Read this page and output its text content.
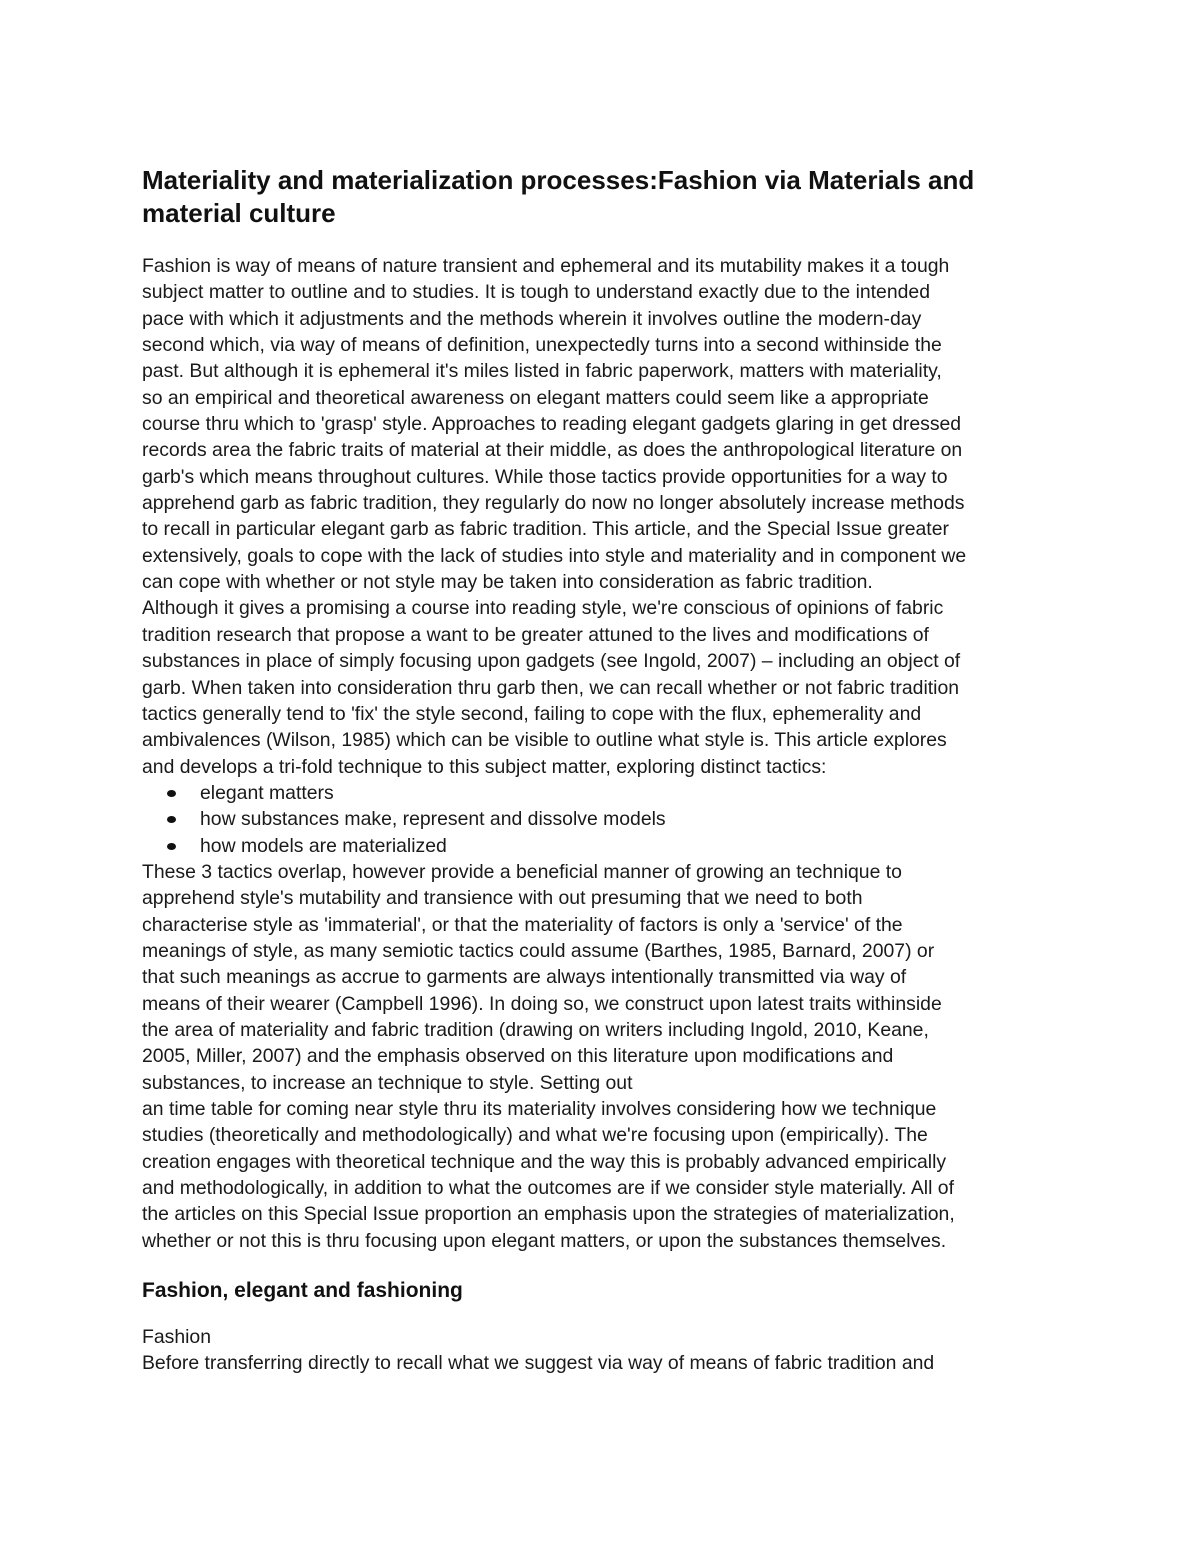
Materiality and materialization processes:Fashion via Materials and
material culture

Fashion is way of means of nature transient and ephemeral and its mutability makes it a tough
subject matter to outline and to studies. It is tough to understand exactly due to the intended
pace with which it adjustments and the methods wherein it involves outline the modern-day
second which, via way of means of definition, unexpectedly turns into a second withinside the
past. But although it is ephemeral it's miles listed in fabric paperwork, matters with materiality,
so an empirical and theoretical awareness on elegant matters could seem like a appropriate
course thru which to 'grasp' style. Approaches to reading elegant gadgets glaring in get dressed
records area the fabric traits of material at their middle, as does the anthropological literature on
garb's which means throughout cultures. While those tactics provide opportunities for a way to
apprehend garb as fabric tradition, they regularly do now no longer absolutely increase methods
to recall in particular elegant garb as fabric tradition. This article, and the Special Issue greater
extensively, goals to cope with the lack of studies into style and materiality and in component we
can cope with whether or not style may be taken into consideration as fabric tradition.
Although it gives a promising a course into reading style, we're conscious of opinions of fabric
tradition research that propose a want to be greater attuned to the lives and modifications of
substances in place of simply focusing upon gadgets (see Ingold, 2007) – including an object of
garb. When taken into consideration thru garb then, we can recall whether or not fabric tradition
tactics generally tend to 'fix' the style second, failing to cope with the flux, ephemerality and
ambivalences (Wilson, 1985) which can be visible to outline what style is. This article explores
and develops a tri-fold technique to this subject matter, exploring distinct tactics:

elegant matters
how substances make, represent and dissolve models
how models are materialized

These 3 tactics overlap, however provide a beneficial manner of growing an technique to
apprehend style's mutability and transience with out presuming that we need to both
characterise style as 'immaterial', or that the materiality of factors is only a 'service' of the
meanings of style, as many semiotic tactics could assume (Barthes, 1985, Barnard, 2007) or
that such meanings as accrue to garments are always intentionally transmitted via way of
means of their wearer (Campbell 1996). In doing so, we construct upon latest traits withinside
the area of materiality and fabric tradition (drawing on writers including Ingold, 2010, Keane,
2005, Miller, 2007) and the emphasis observed on this literature upon modifications and
substances, to increase an technique to style. Setting out
an time table for coming near style thru its materiality involves considering how we technique
studies (theoretically and methodologically) and what we're focusing upon (empirically). The
creation engages with theoretical technique and the way this is probably advanced empirically
and methodologically, in addition to what the outcomes are if we consider style materially. All of
the articles on this Special Issue proportion an emphasis upon the strategies of materialization,
whether or not this is thru focusing upon elegant matters, or upon the substances themselves.

Fashion, elegant and fashioning

Fashion
Before transferring directly to recall what we suggest via way of means of fabric tradition and
